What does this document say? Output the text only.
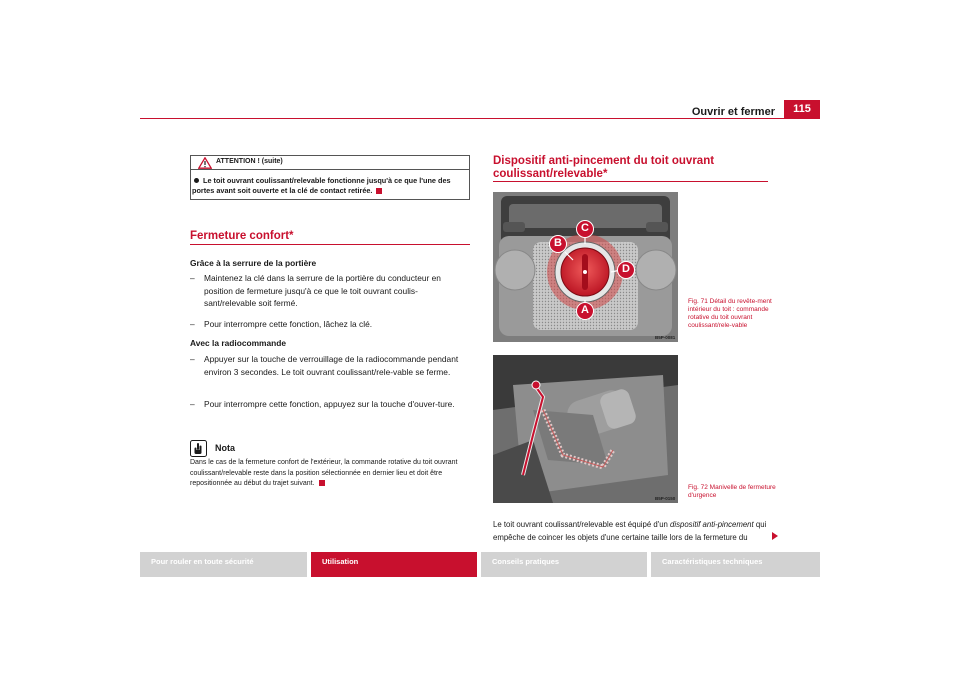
Ouvrir et fermer	115
ATTENTION ! (suite)
Le toit ouvrant coulissant/relevable fonctionne jusqu'à ce que l'une des portes avant soit ouverte et la clé de contact retirée.
Fermeture confort*
Grâce à la serrure de la portière
– Maintenez la clé dans la serrure de la portière du conducteur en position de fermeture jusqu'à ce que le toit ouvrant coulis-sant/relevable soit fermé.
– Pour interrompre cette fonction, lâchez la clé.
Avec la radiocommande
– Appuyer sur la touche de verrouillage de la radiocommande pendant environ 3 secondes. Le toit ouvrant coulissant/rele-vable se ferme.
– Pour interrompre cette fonction, appuyez sur la touche d'ouver-ture.
Nota
Dans le cas de la fermeture confort de l'extérieur, la commande rotative du toit ouvrant coulissant/relevable reste dans la position sélectionnée en dernier lieu et doit être repositionnée au début du trajet suivant.
Dispositif anti-pincement du toit ouvrant
coulissant/relevable*
A
B
C
D
B5P-0081
B5P-0150
Fig. 71 Détail du revête-ment intérieur du toit : commande rotative du toit ouvrant coulissant/rele-vable
Fig. 72 Manivelle de fermeture d'urgence
Le toit ouvrant coulissant/relevable est équipé d'un dispositif anti-pincement qui empêche de coincer les objets d'une certaine taille lors de la fermeture du
Pour rouler en toute sécurité	Utilisation	Conseils pratiques	Caractéristiques techniques
